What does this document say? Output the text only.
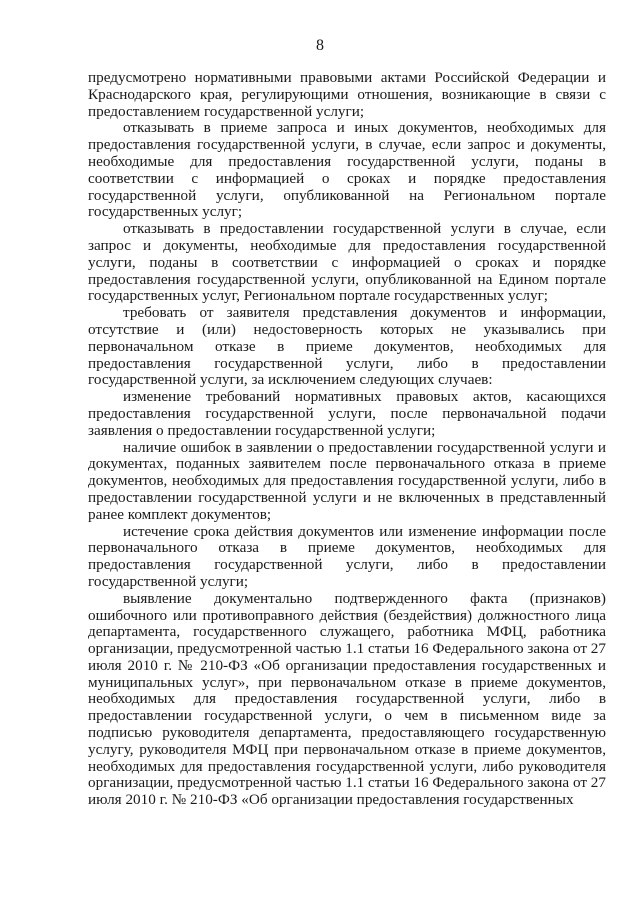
8

предусмотрено нормативными правовыми актами Российской Федерации и Краснодарского края, регулирующими отношения, возникающие в связи с предоставлением государственной услуги;

отказывать в приеме запроса и иных документов, необходимых для предоставления государственной услуги, в случае, если запрос и документы, необходимые для предоставления государственной услуги, поданы в соответствии с информацией о сроках и порядке предоставления государственной услуги, опубликованной на Региональном портале государственных услуг;

отказывать в предоставлении государственной услуги в случае, если запрос и документы, необходимые для предоставления государственной услуги, поданы в соответствии с информацией о сроках и порядке предоставления государственной услуги, опубликованной на Едином портале государственных услуг, Региональном портале государственных услуг;

требовать от заявителя представления документов и информации, отсутствие и (или) недостоверность которых не указывались при первоначальном отказе в приеме документов, необходимых для предоставления государственной услуги, либо в предоставлении государственной услуги, за исключением следующих случаев:

изменение требований нормативных правовых актов, касающихся предоставления государственной услуги, после первоначальной подачи заявления о предоставлении государственной услуги;

наличие ошибок в заявлении о предоставлении государственной услуги и документах, поданных заявителем после первоначального отказа в приеме документов, необходимых для предоставления государственной услуги, либо в предоставлении государственной услуги и не включенных в представленный ранее комплект документов;

истечение срока действия документов или изменение информации после первоначального отказа в приеме документов, необходимых для предоставления государственной услуги, либо в предоставлении государственной услуги;

выявление документально подтвержденного факта (признаков) ошибочного или противоправного действия (бездействия) должностного лица департамента, государственного служащего, работника МФЦ, работника организации, предусмотренной частью 1.1 статьи 16 Федерального закона от 27 июля 2010 г. № 210-ФЗ «Об организации предоставления государственных и муниципальных услуг», при первоначальном отказе в приеме документов, необходимых для предоставления государственной услуги, либо в предоставлении государственной услуги, о чем в письменном виде за подписью руководителя департамента, предоставляющего государственную услугу, руководителя МФЦ при первоначальном отказе в приеме документов, необходимых для предоставления государственной услуги, либо руководителя организации, предусмотренной частью 1.1 статьи 16 Федерального закона от 27 июля 2010 г. № 210-ФЗ «Об организации предоставления государственных
